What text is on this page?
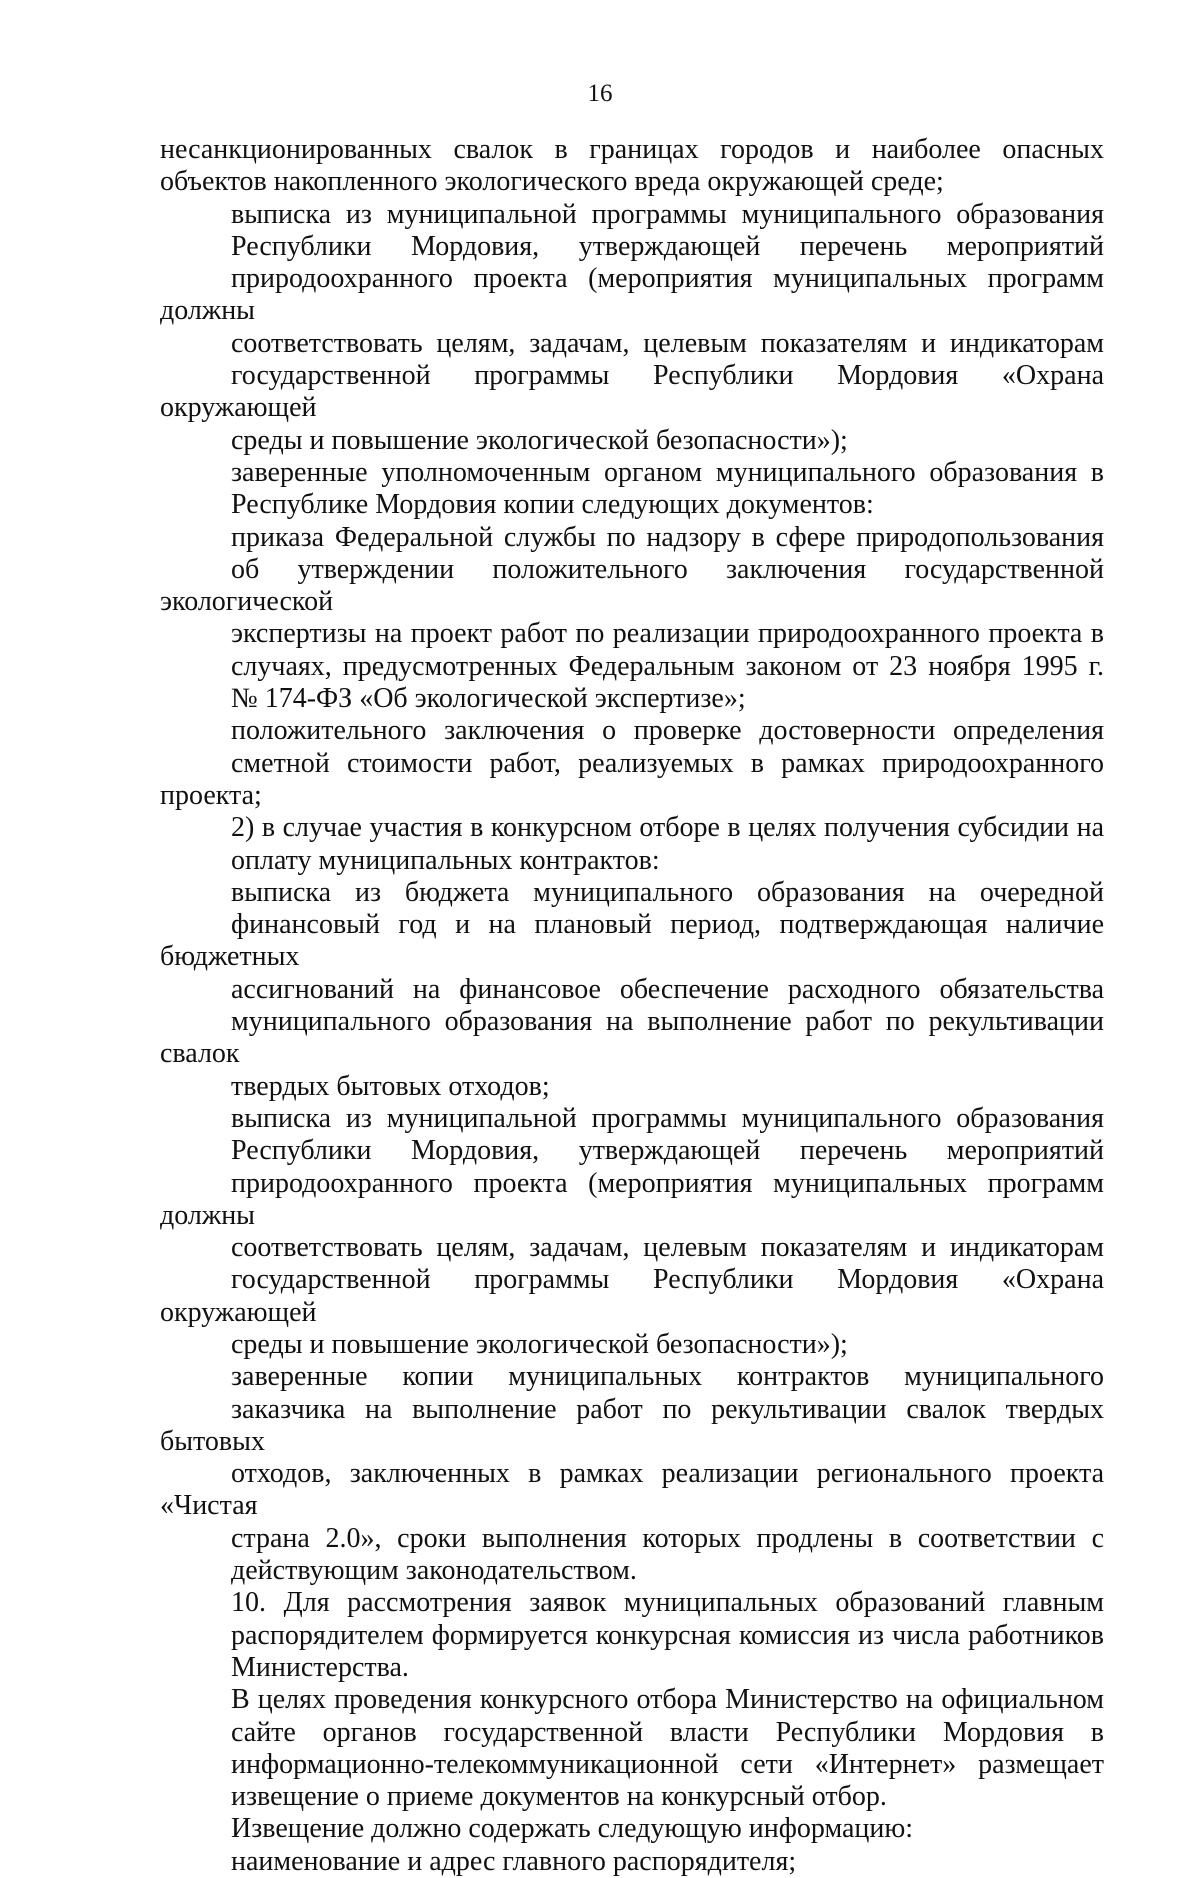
16

несанкционированных свалок в границах городов и наиболее опасных
объектов накопленного экологического вреда окружающей среде;

выписка из муниципальной программы муниципального образования
Республики Мордовия, утверждающей перечень мероприятий
природоохранного проекта (мероприятия муниципальных программ должны
соответствовать целям, задачам, целевым показателям и индикаторам
государственной программы Республики Мордовия «Охрана окружающей
среды и повышение экологической безопасности»);

заверенные уполномоченным органом муниципального образования в
Республике Мордовия копии следующих документов:

приказа Федеральной службы по надзору в сфере природопользования
об утверждении положительного заключения государственной экологической
экспертизы на проект работ по реализации природоохранного проекта в
случаях, предусмотренных Федеральным законом от 23 ноября 1995 г.
№ 174-ФЗ «Об экологической экспертизе»;

положительного заключения о проверке достоверности определения
сметной стоимости работ, реализуемых в рамках природоохранного проекта;

2) в случае участия в конкурсном отборе в целях получения субсидии на
оплату муниципальных контрактов:

выписка из бюджета муниципального образования на очередной
финансовый год и на плановый период, подтверждающая наличие бюджетных
ассигнований на финансовое обеспечение расходного обязательства
муниципального образования на выполнение работ по рекультивации свалок
твердых бытовых отходов;

выписка из муниципальной программы муниципального образования
Республики Мордовия, утверждающей перечень мероприятий
природоохранного проекта (мероприятия муниципальных программ должны
соответствовать целям, задачам, целевым показателям и индикаторам
государственной программы Республики Мордовия «Охрана окружающей
среды и повышение экологической безопасности»);

заверенные копии муниципальных контрактов муниципального
заказчика на выполнение работ по рекультивации свалок твердых бытовых
отходов, заключенных в рамках реализации регионального проекта «Чистая
страна 2.0», сроки выполнения которых продлены в соответствии с
действующим законодательством.

10. Для рассмотрения заявок муниципальных образований главным
распорядителем формируется конкурсная комиссия из числа работников
Министерства.

В целях проведения конкурсного отбора Министерство на официальном
сайте органов государственной власти Республики Мордовия в
информационно-телекоммуникационной сети «Интернет» размещает
извещение о приеме документов на конкурсный отбор.

Извещение должно содержать следующую информацию:

наименование и адрес главного распорядителя;
